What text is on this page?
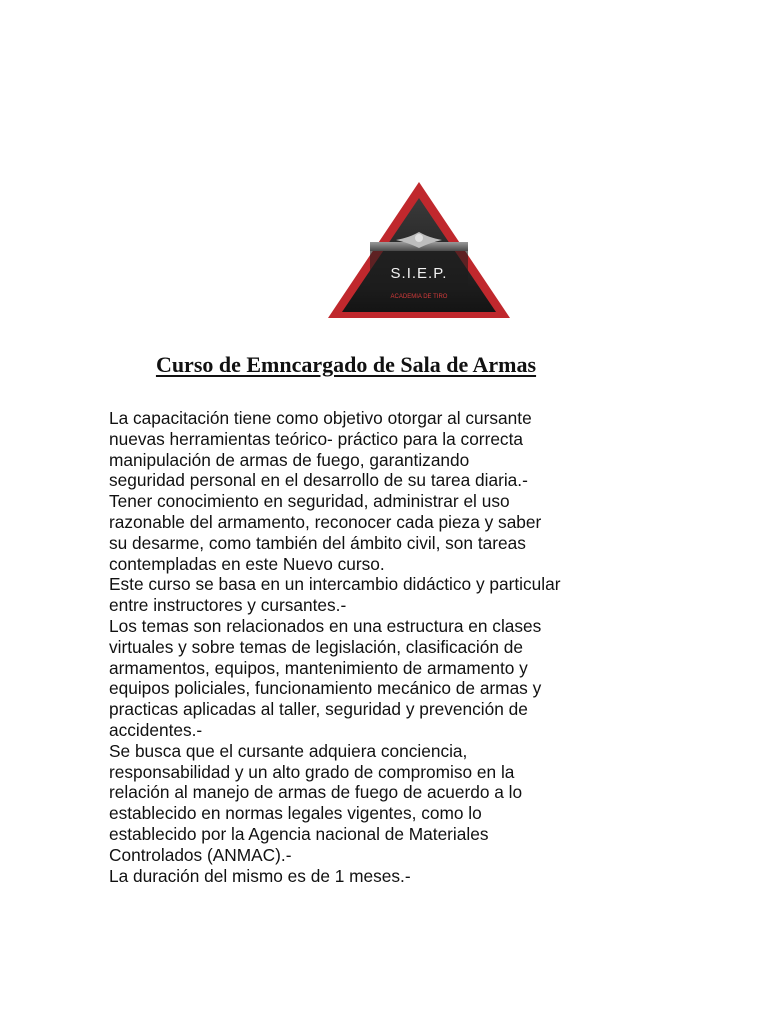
S.I.E.P.
ACADEMIA DE TIRO
Curso de Emncargado de Sala de Armas

La capacitación tiene como objetivo otorgar al cursante
nuevas herramientas teórico- práctico para la correcta
manipulación de armas de fuego, garantizando
seguridad personal en el desarrollo de su tarea diaria.-
Tener conocimiento en seguridad, administrar el uso
razonable del armamento, reconocer cada pieza y saber
su desarme, como también del ámbito civil, son tareas
contempladas en este Nuevo curso.
Este curso se basa en un intercambio didáctico y particular
entre instructores y cursantes.-
Los temas son relacionados en una estructura en clases
virtuales y sobre temas de legislación, clasificación de
armamentos, equipos, mantenimiento de armamento y
equipos policiales, funcionamiento mecánico de armas y
practicas aplicadas al taller, seguridad y prevención de
accidentes.-
Se busca que el cursante adquiera conciencia,
responsabilidad y un alto grado de compromiso en la
relación al manejo de armas de fuego de acuerdo a lo
establecido en normas legales vigentes, como lo
establecido por la Agencia nacional de Materiales
Controlados (ANMAC).-
La duración del mismo es de 1 meses.-
